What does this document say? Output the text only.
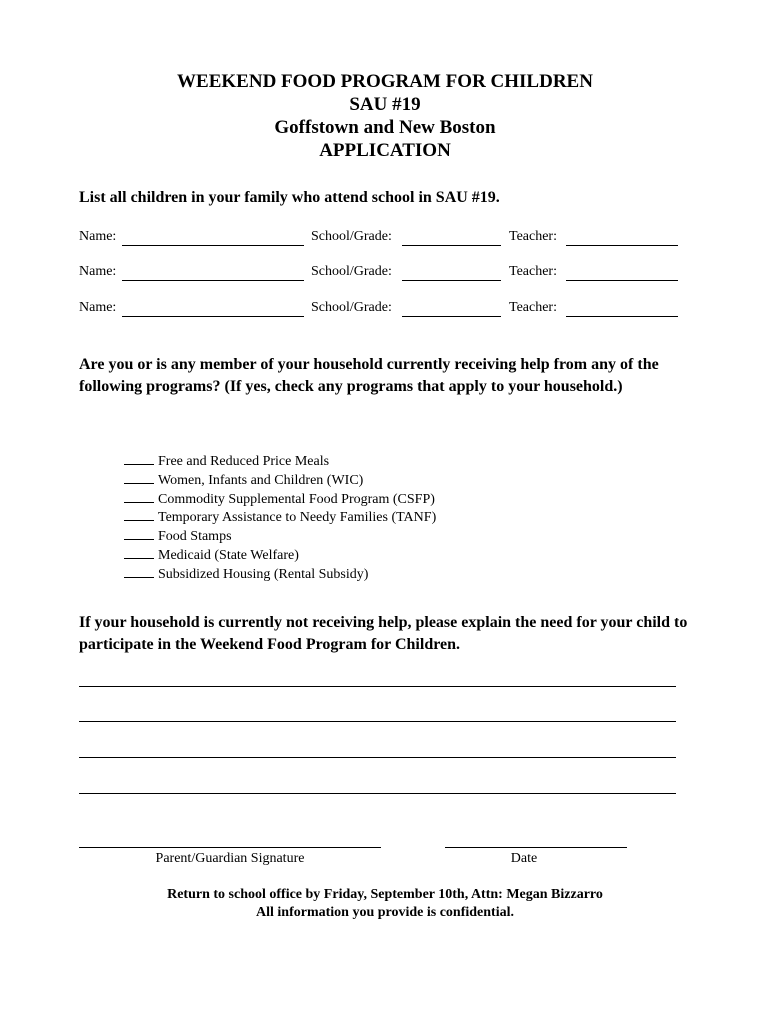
WEEKEND FOOD PROGRAM FOR CHILDREN
SAU #19
Goffstown and New Boston
APPLICATION
List all children in your family who attend school in SAU #19.
Name:	School/Grade:	Teacher:
Name:	School/Grade:	Teacher:
Name:	School/Grade:	Teacher:
Are you or is any member of your household currently receiving help from any of the following programs? (If yes, check any programs that apply to your household.)
Free and Reduced Price Meals
Women, Infants and Children (WIC)
Commodity Supplemental Food Program (CSFP)
Temporary Assistance to Needy Families (TANF)
Food Stamps
Medicaid (State Welfare)
Subsidized Housing (Rental Subsidy)
If your household is currently not receiving help, please explain the need for your child to participate in the Weekend Food Program for Children.
Parent/Guardian Signature	Date
Return to school office by Friday, September 10th, Attn: Megan Bizzarro
All information you provide is confidential.
